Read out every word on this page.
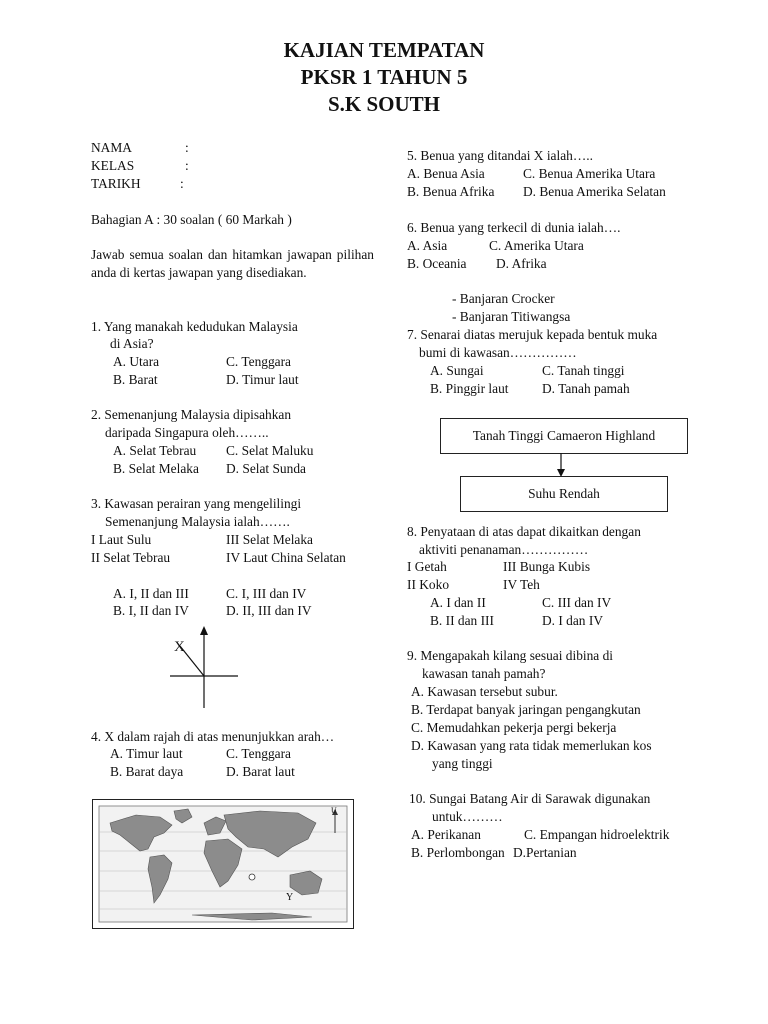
KAJIAN TEMPATAN
PKSR 1 TAHUN 5
S.K SOUTH
NAMA	:
KELAS	:
TARIKH	:
Bahagian A : 30 soalan ( 60 Markah )
Jawab semua soalan dan hitamkan jawapan pilihan anda di kertas jawapan yang disediakan.
1. Yang manakah kedudukan Malaysia
di Asia?
A. Utara	C. Tenggara
B. Barat	D. Timur laut
2. Semenanjung Malaysia dipisahkan
daripada Singapura oleh……..
A. Selat Tebrau C. Selat Maluku
B. Selat Melaka D. Selat Sunda
3. Kawasan perairan yang mengelilingi
Semenanjung Malaysia ialah…….
I Laut Sulu	III Selat Melaka
II Selat Tebrau	IV Laut China Selatan
A. I, II dan III	C. I, III dan IV
B. I, II dan IV	D. II, III dan IV
X
4. X dalam rajah di atas menunjukkan arah…
A. Timur laut	C. Tenggara
B. Barat daya	D. Barat laut
Y
U
5. Benua yang ditandai X ialah…..
A. Benua Asia	C. Benua Amerika Utara
B. Benua Afrika D. Benua Amerika Selatan
6. Benua yang terkecil di dunia ialah….
A. Asia	C. Amerika Utara
B. Oceania D. Afrika
- Banjaran Crocker
- Banjaran Titiwangsa
7. Senarai diatas merujuk kepada bentuk muka
bumi di kawasan……………
A. Sungai	C. Tanah tinggi
B. Pinggir laut	D. Tanah pamah
Tanah Tinggi Camaeron Highland
Suhu Rendah
8. Penyataan di atas dapat dikaitkan dengan
aktiviti penanaman……………
I Getah	III Bunga Kubis
II Koko	IV Teh
A. I dan II	C. III dan IV
B. II dan III	D. I dan IV
9. Mengapakah kilang sesuai dibina di
kawasan tanah pamah?
A. Kawasan tersebut subur.
B. Terdapat banyak jaringan pengangkutan
C. Memudahkan pekerja pergi bekerja
D. Kawasan yang rata tidak memerlukan kos
yang tinggi
10. Sungai Batang Air di Sarawak digunakan
untuk………
A. Perikanan	C. Empangan hidroelektrik
B. Perlombongan D.Pertanian
